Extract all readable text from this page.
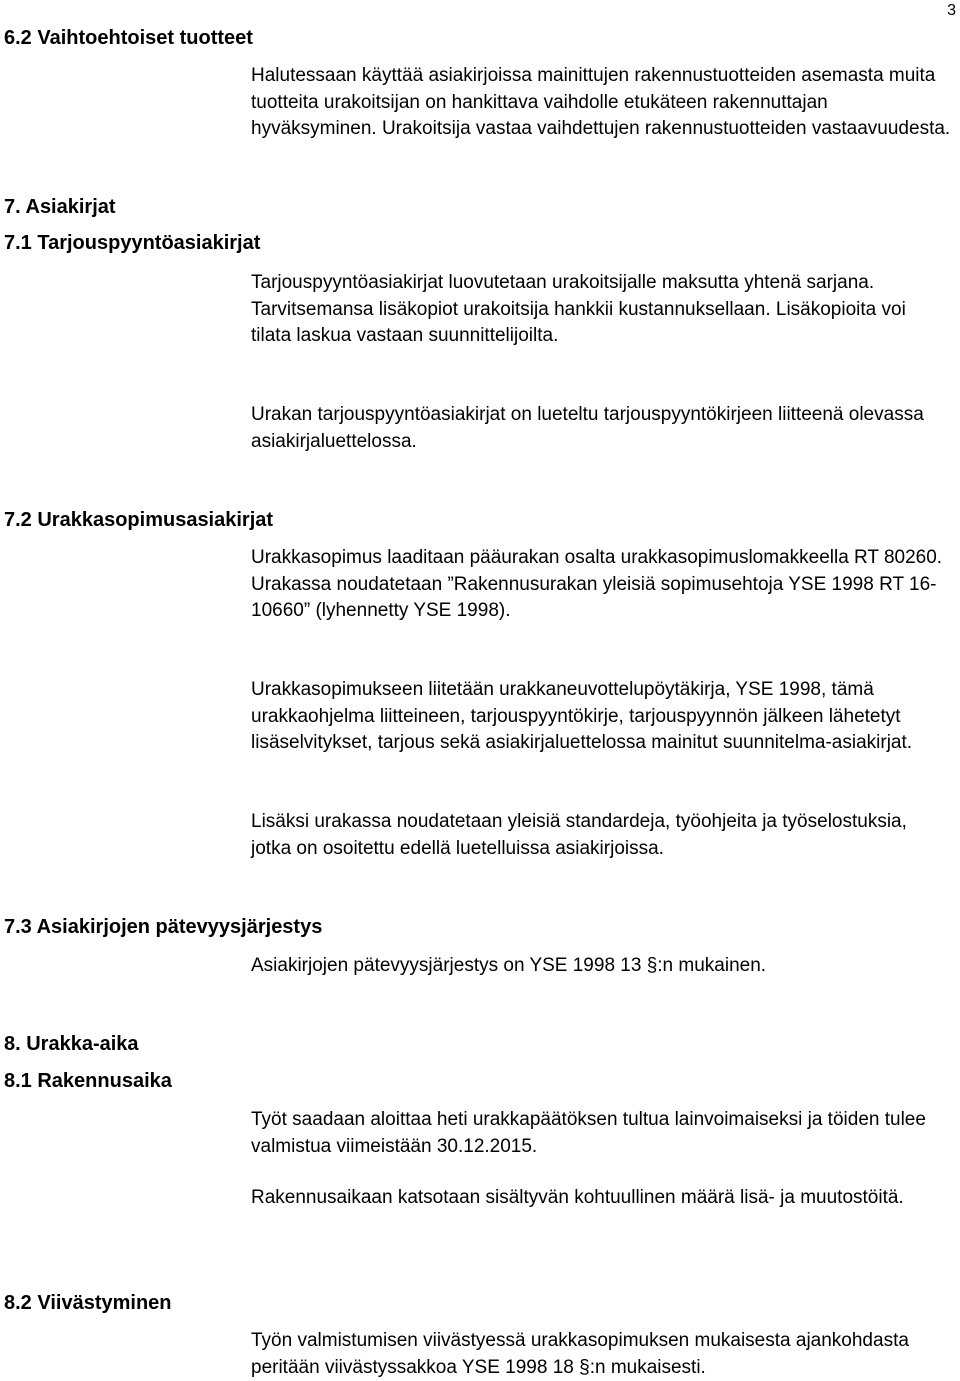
3
6.2 Vaihtoehtoiset tuotteet

Halutessaan käyttää asiakirjoissa mainittujen rakennustuotteiden asemasta muita tuotteita urakoitsijan on hankittava vaihdolle etukäteen rakennuttajan hyväksyminen. Urakoitsija vastaa vaihdettujen rakennustuotteiden vastaavuudesta.

7. Asiakirjat
7.1 Tarjouspyyntöasiakirjat

Tarjouspyyntöasiakirjat luovutetaan urakoitsijalle maksutta yhtenä sarjana. Tarvitsemansa lisäkopiot urakoitsija hankkii kustannuksellaan. Lisäkopioita voi tilata laskua vastaan suunnittelijoilta.

Urakan tarjouspyyntöasiakirjat on lueteltu tarjouspyyntökirjeen liitteenä olevassa asiakirjaluettelossa.

7.2 Urakkasopimusasiakirjat

Urakkasopimus laaditaan pääurakan osalta urakkasopimuslomakkeella RT 80260. Urakassa noudatetaan ”Rakennusurakan yleisiä sopimusehtoja YSE 1998 RT 16-10660” (lyhennetty YSE 1998).

Urakkasopimukseen liitetään urakkaneuvottelupöytäkirja, YSE 1998, tämä urakkaohjelma liitteineen, tarjouspyyntökirje, tarjouspyynnön jälkeen lähetetyt lisäselvitykset, tarjous sekä asiakirjaluettelossa mainitut suunnitelma-asiakirjat.

Lisäksi urakassa noudatetaan yleisiä standardeja, työohjeita ja työselostuksia, jotka on osoitettu edellä luetelluissa asiakirjoissa.

7.3 Asiakirjojen pätevyysjärjestys

Asiakirjojen pätevyysjärjestys on YSE 1998 13 §:n mukainen.

8. Urakka-aika
8.1 Rakennusaika

Työt saadaan aloittaa heti urakkapäätöksen tultua lainvoimaiseksi ja töiden tulee valmistua viimeistään 30.12.2015.

Rakennusaikaan katsotaan sisältyvän kohtuullinen määrä lisä- ja muutostöitä.

8.2 Viivästyminen

Työn valmistumisen viivästyessä urakkasopimuksen mukaisesta ajankohdasta peritään viivästyssakkoa YSE 1998 18 §:n mukaisesti.
